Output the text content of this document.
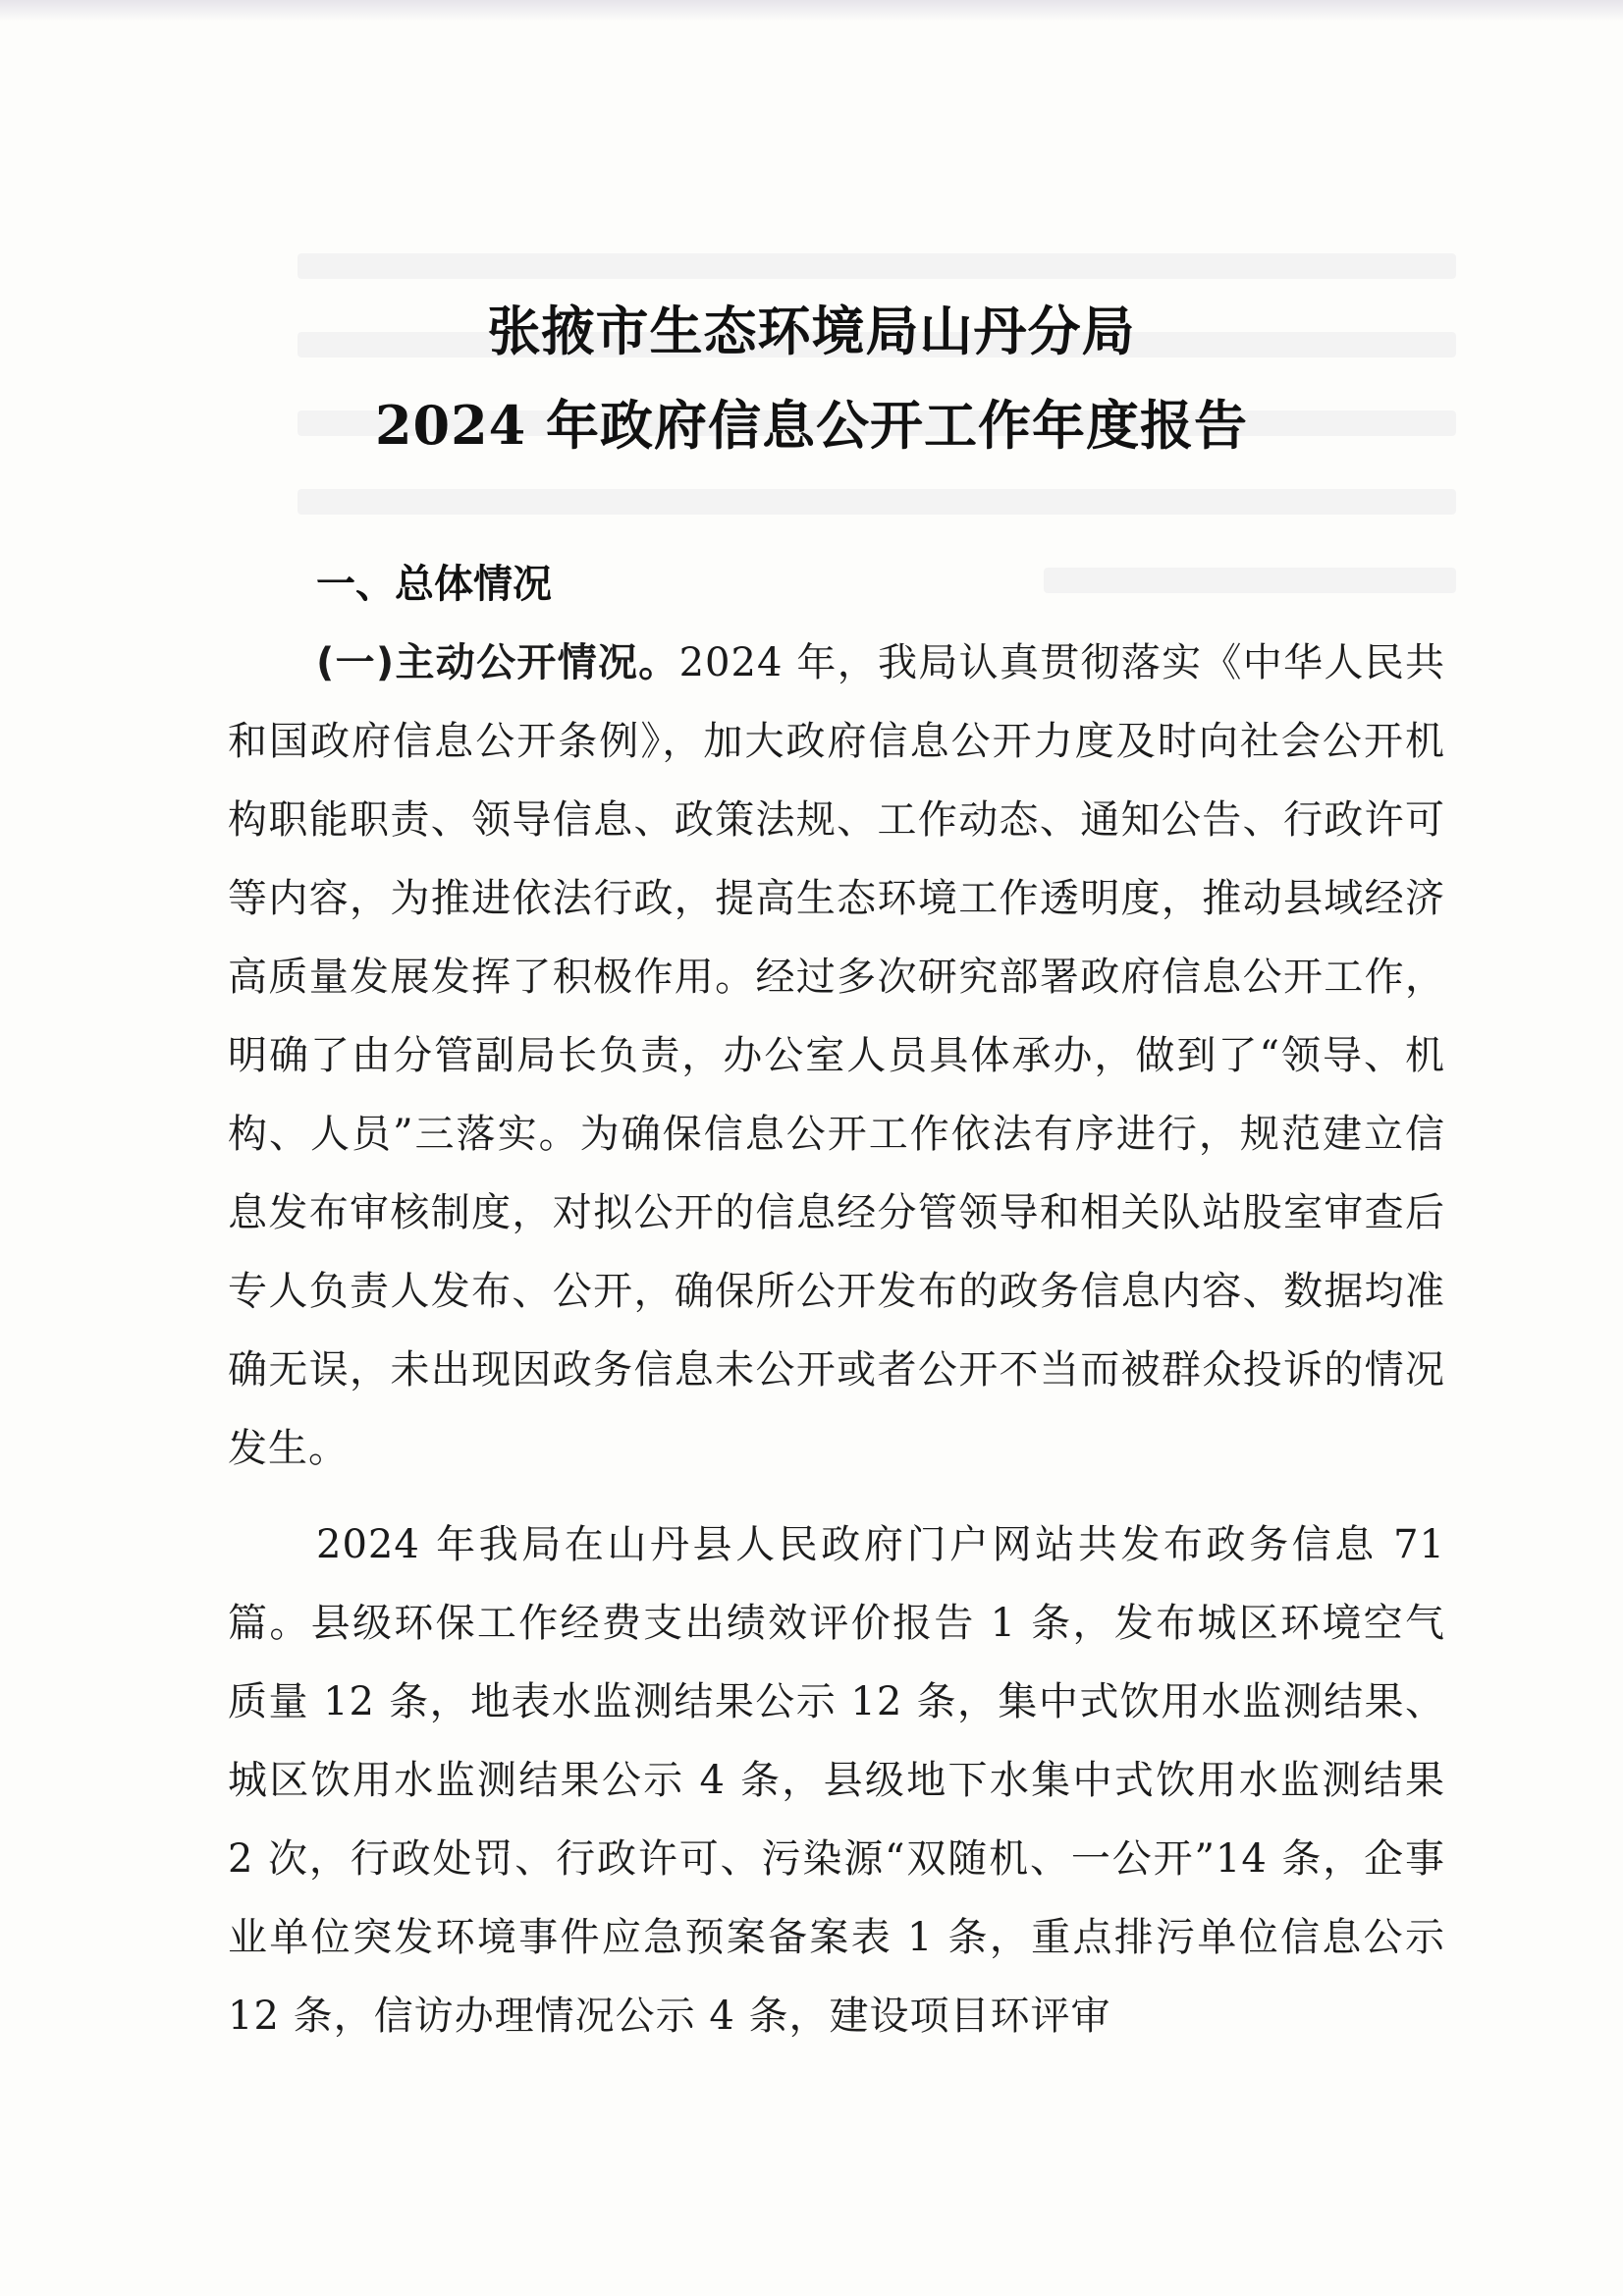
张掖市生态环境局山丹分局
2024 年政府信息公开工作年度报告
一、总体情况

(一)主动公开情况。2024 年，我局认真贯彻落实《中华人民共和国政府信息公开条例》，加大政府信息公开力度及时向社会公开机构职能职责、领导信息、政策法规、工作动态、通知公告、行政许可等内容，为推进依法行政，提高生态环境工作透明度，推动县域经济高质量发展发挥了积极作用。经过多次研究部署政府信息公开工作，明确了由分管副局长负责，办公室人员具体承办，做到了“领导、机构、人员”三落实。为确保信息公开工作依法有序进行，规范建立信息发布审核制度，对拟公开的信息经分管领导和相关队站股室审查后专人负责人发布、公开，确保所公开发布的政务信息内容、数据均准确无误，未出现因政务信息未公开或者公开不当而被群众投诉的情况发生。

2024 年我局在山丹县人民政府门户网站共发布政务信息 71 篇。县级环保工作经费支出绩效评价报告 1 条，发布城区环境空气质量 12 条，地表水监测结果公示 12 条，集中式饮用水监测结果、城区饮用水监测结果公示 4 条，县级地下水集中式饮用水监测结果 2 次，行政处罚、行政许可、污染源“双随机、一公开”14 条，企事业单位突发环境事件应急预案备案表 1 条，重点排污单位信息公示 12 条，信访办理情况公示 4 条，建设项目环评审
